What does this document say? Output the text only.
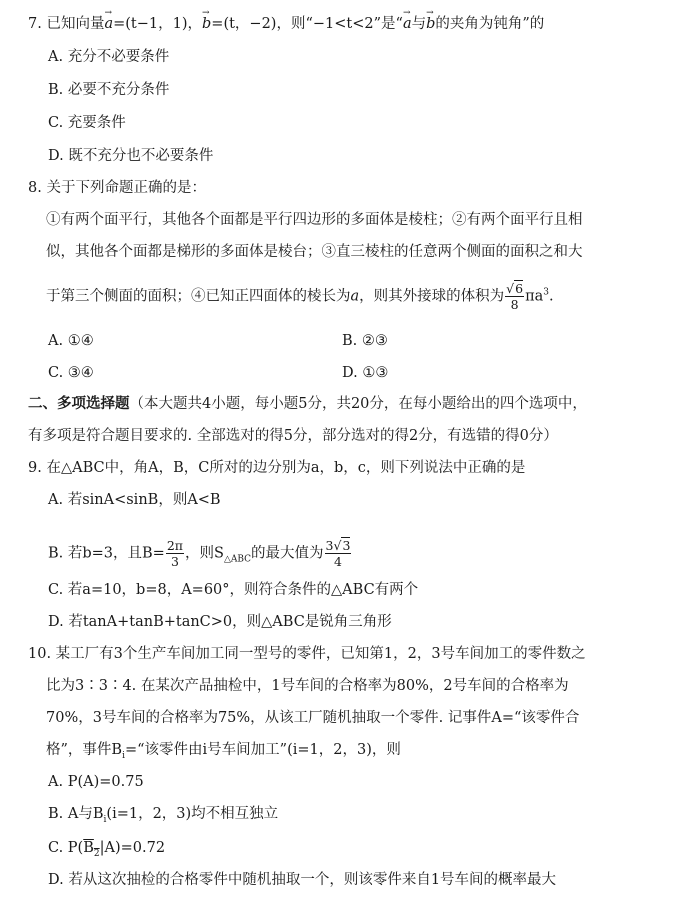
7. 已知向量→ a=(t−1，1)，→ b=(t，−2)，则“−1<t<2”是“→ a与→ b的夹角为钝角”的
A. 充分不必要条件
B. 必要不充分条件
C. 充要条件
D. 既不充分也不必要条件
8. 关于下列命题正确的是：
①有两个面平行，其他各个面都是平行四边形的多面体是棱柱；②有两个面平行且相
似，其他各个面都是梯形的多面体是棱台；③直三棱柱的任意两个侧面的面积之和大
于第三个侧面的面积；④已知正四面体的棱长为a，则其外接球的体积为 $\frac{√6}{8} \pi a^3$.
A. ①④	B. ②③
C. ③④	D. ①③
二、多项选择题（本大题共4小题，每小题5分，共20分，在每小题给出的四个选项中，
有多项是符合题目要求的. 全部选对的得5分，部分选对的得2分，有选错的得0分）
9. 在△ABC中，角A，B，C所对的边分别为a，b，c，则下列说法中正确的是
A. 若sinA<sinB，则A<B
B. 若b=3，且$B= \frac{2\pi}{3}$ ，则$S_{\triangle ABC}$的最大值为 $\frac{3√3}{4}$
C. 若a=10，b=8，A=60°，则符合条件的△ABC有两个
D. 若tanA+tanB+tanC>0，则△ABC是锐角三角形
10. 某工厂有3个生产车间加工同一型号的零件，已知第1，2，3号车间加工的零件数之
比为3∶3∶4. 在某次产品抽检中，1号车间的合格率为80%，2号车间的合格率为
70%，3号车间的合格率为75%，从该工厂随机抽取一个零件. 记事件A=“该零件合
格”，事件$B_i=“$该零件由i号车间加工”(i=1，2，3)，则
A. P(A)=0.75
B. A与$B_i(i=1$，2，3)均不相互独立
C. $P(B_2|A)=0.72$
D. 若从这次抽检的合格零件中随机抽取一个，则该零件来自1号车间的概率最大
